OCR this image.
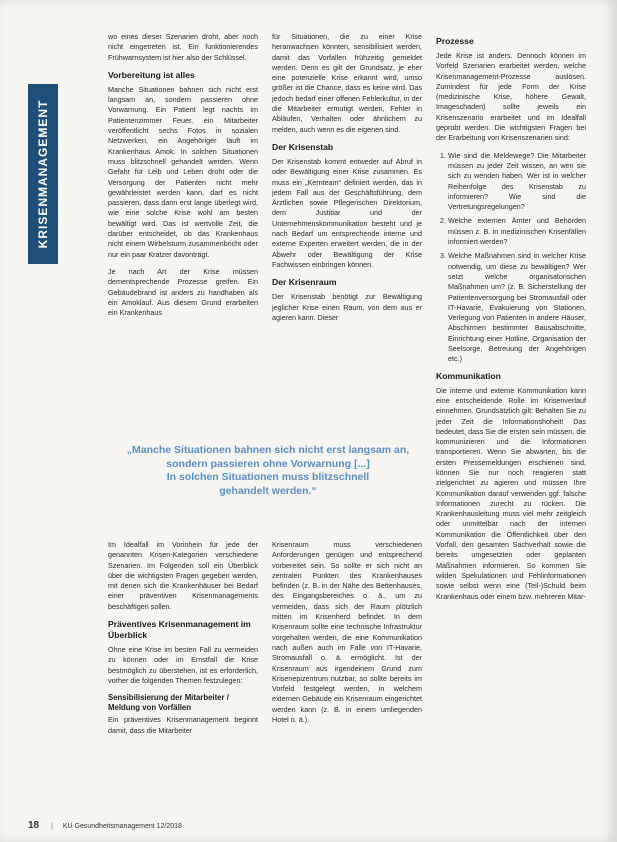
KRISENMANAGEMENT

wo eines dieser Szenarien droht, aber noch nicht eingetreten ist. Ein funktionierendes Frühwarnsystem ist hier also der Schlüssel.

Vorbereitung ist alles

Manche Situationen bahnen sich nicht erst langsam an, sondern passieren ohne Vorwarnung. Ein Patient legt nachts im Patientenzimmer Feuer, ein Mitarbeiter veröffentlicht sechs Fotos in sozialen Netzwerken, ein Angehöriger läuft im Krankenhaus Amok. In solchen Situationen muss blitzschnell gehandelt werden. Wenn Gefahr für Leib und Leben droht oder die Versorgung der Patienten nicht mehr gewährleistet werden kann, darf es nicht passieren, dass dann erst lange überlegt wird, wie eine solche Krise wohl am besten bewältigt wird. Das ist wertvolle Zeit, die darüber entscheidet, ob das Krankenhaus nicht einem Wirbelsturm zusammenbricht oder nur ein paar Kratzer davonträgt.

Je nach Art der Krise müssen dementsprechende Prozesse greifen. Ein Gebäudebrand ist anders zu handhaben als ein Amoklauf. Aus diesem Grund erarbeiten ein Krankenhaus

für Situationen, die zu einer Krise heranwachsen könnten, sensibilisiert werden, damit das Vorfallen frühzeitig gemeldet werden. Denn es gilt der Grundsatz, je eher eine potenzielle Krise erkannt wird, umso größer ist die Chance, dass es keine wird. Das jedoch bedarf einer offenen Fehlerkultur, in der die Mitarbeiter ermutigt werden, Fehler in Abläufen, Verhalten oder ähnlichem zu melden, auch wenn es die eigenen sind.

Der Krisenstab

Der Krisenstab kommt entweder auf Abruf in oder Bewältigung einer Krise zusammen. Es muss ein „Kernteam“ definiert werden, das in jedem Fall aus der Geschäftsführung, dem Ärztlichen sowie Pflegerischen Direktorium, dem Justitiar und der Unternehmenskommunikation besteht und je nach Bedarf um entsprechende interne und externe Experten erweitert werden, die in der Abwehr oder Bewältigung der Krise Fachwissen einbringen können.

Der Krisenraum

Der Krisenstab benötigt zur Bewältigung jeglicher Krise einen Raum, von dem aus er agieren kann. Dieser

„Manche Situationen bahnen sich nicht erst langsam an,
sondern passieren ohne Vorwarnung [...]
In solchen Situationen muss blitzschnell
gehandelt werden.“

Im Idealfall im Vorinhein für jede der genannten Krisen-Kategorien verschiedene Szenarien. Im Folgenden soll ein Überblick über die wichtigsten Fragen gegeben werden, mit denen sich die Krankenhäuser bei Bedarf einer präventiven Krisenmanagements beschäftigen sollen.

Präventives Krisenmanagement im Überblick

Ohne eine Krise im besten Fall zu vermeiden zu können oder im Ernstfall die Krise bestmöglich zu überstehen, ist es erforderlich, vorher die folgenden Themen festzulegen:

Sensibilisierung der Mitarbeiter / Meldung von Vorfällen

Ein präventives Krisenmanagement beginnt damit, dass die Mitarbeiter

Krisenraum muss verschiedenen Anforderungen genügen und entsprechend vorbereitet sein. So sollte er sich nicht an zentralen Punkten des Krankenhauses befinden (z. B. in der Nähe des Bettenhauses, des Eingangsbereiches o. ä., um zu vermeiden, dass sich der Raum plötzlich mitten im Krisenherd befindet. In dem Krisenraum sollte eine technische Infrastruktur vorgehalten werden, die eine Kommunikation nach außen auch im Falle von IT-Havarie, Stromausfall o. ä. ermöglicht. Ist der Krisenraum aus irgendeinem Grund zum Krisenepizentrum nutzbar, so sollte bereits im Vorfeld festgelegt werden, in welchem externen Gebäude ein Krisenraum eingerichtet werden kann (z. B. in einem umliegenden Hotel o. ä.).

Prozesse

Jede Krise ist anders. Dennoch können im Vorfeld Szenarien erarbeitet werden, welche Krisenmanagement-Prozesse auslösen. Zumindest für jede Form der Krise (medizinische Krise, höhere Gewalt, Imageschaden) sollte jeweils ein Krisenszenario erarbeitet und im Idealfall geprobt werden. Die wichtigsten Fragen bei der Erarbeitung von Krisenszenarien sind:

1. Wie sind die Meldewege? Die Mitarbeiter müssen zu jeder Zeit wissen, an wen sie sich zu wenden haben. Wer ist in welcher Reihenfolge des Krisenstab zu informieren? Wie sind die Vertretungsregelungen?
2. Welche externen Ämter und Behörden müssen z. B. in medizinischen Krisenfällen informiert werden?
3. Welche Maßnahmen sind in welcher Krise notwendig, um diese zu bewältigen? Wer setzt welche organisatorischen Maßnahmen um? (z. B. Sicherstellung der Patientenversorgung bei Stromausfall oder IT-Havarie, Evakuierung von Stationen, Verlegung von Patienten in andere Häuser, Abschirmen bestimmter Bausabschnitte, Einrichtung einer Hotline, Organisation der Seelsorge, Betreuung der Angehörigen etc.)
Kommunikation

Die interne und externe Kommunikation kann eine entscheidende Rolle im Krisenverlauf einnehmen. Grundsätzlich gilt: Behalten Sie zu jeder Zeit die Informationshoheit! Das bedeutet, dass Sie die ersten sein müssen, die kommunizieren und die Informationen transportieren. Wenn Sie abwarten, bis die ersten Pressemeldungen erschienen sind, können Sie nur noch reagieren statt zielgerichtet zu agieren und müssen Ihre Kommunikation darauf verwenden ggf. falsche Informationen zurecht zu rücken. Die Krankenhausleitung muss viel mehr zeitgleich oder unmittelbar nach der internen Kommunikation die Öffentlichkeit über den Vorfall, den gesamten Sachverhalt sowie die bereits umgesetzten oder geplanten Maßnahmen informieren. So kommen Sie wilden Spekulationen und Fehlinformationen sowie selbst wenn eine (Teil-)Schuld beim Krankenhaus oder einem bzw. mehreren Mitar-

18 | KU Gesundheitsmanagement 12/2018
